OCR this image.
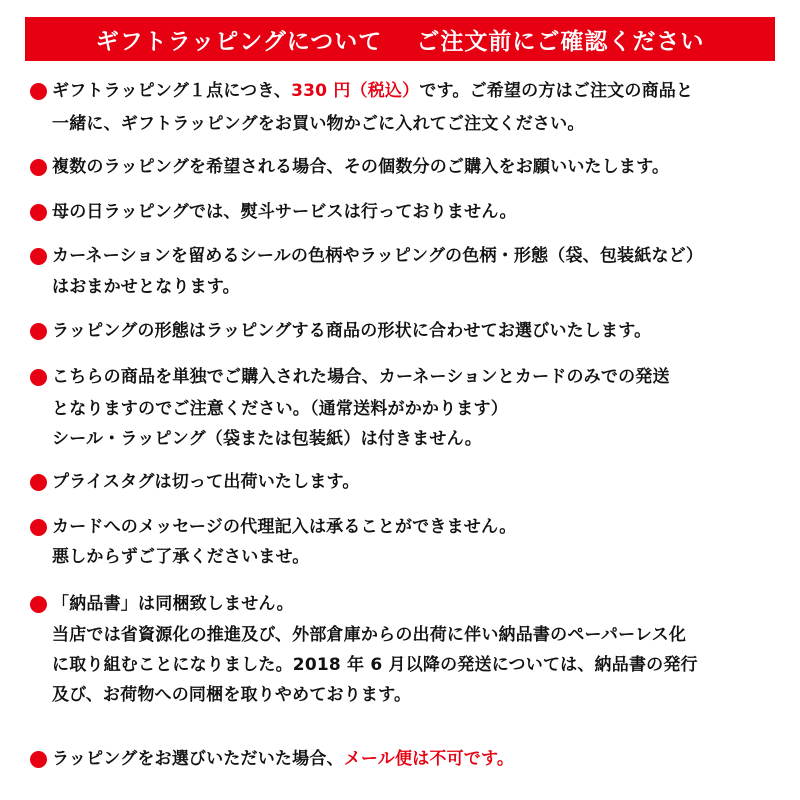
ギフトラッピングについて ご注文前にご確認ください
ギフトラッピング１点につき、330 円（税込）です。ご希望の方はご注文の商品と
一緒に、ギフトラッピングをお買い物かごに入れてご注文ください。
複数のラッピングを希望される場合、その個数分のご購入をお願いいたします。
母の日ラッピングでは、熨斗サービスは行っておりません。
カーネーションを留めるシールの色柄やラッピングの色柄・形態（袋、包装紙など）
はおまかせとなります。
ラッピングの形態はラッピングする商品の形状に合わせてお選びいたします。
こちらの商品を単独でご購入された場合、カーネーションとカードのみでの発送
となりますのでご注意ください。（通常送料がかかります）
シール・ラッピング（袋または包装紙）は付きません。
プライスタグは切って出荷いたします。
カードへのメッセージの代理記入は承ることができません。
悪しからずご了承くださいませ。
「納品書」は同梱致しません。
当店では省資源化の推進及び、外部倉庫からの出荷に伴い納品書のペーパーレス化
に取り組むことになりました。2018 年 6 月以降の発送については、納品書の発行
及び、お荷物への同梱を取りやめております。
ラッピングをお選びいただいた場合、メール便は不可です。
